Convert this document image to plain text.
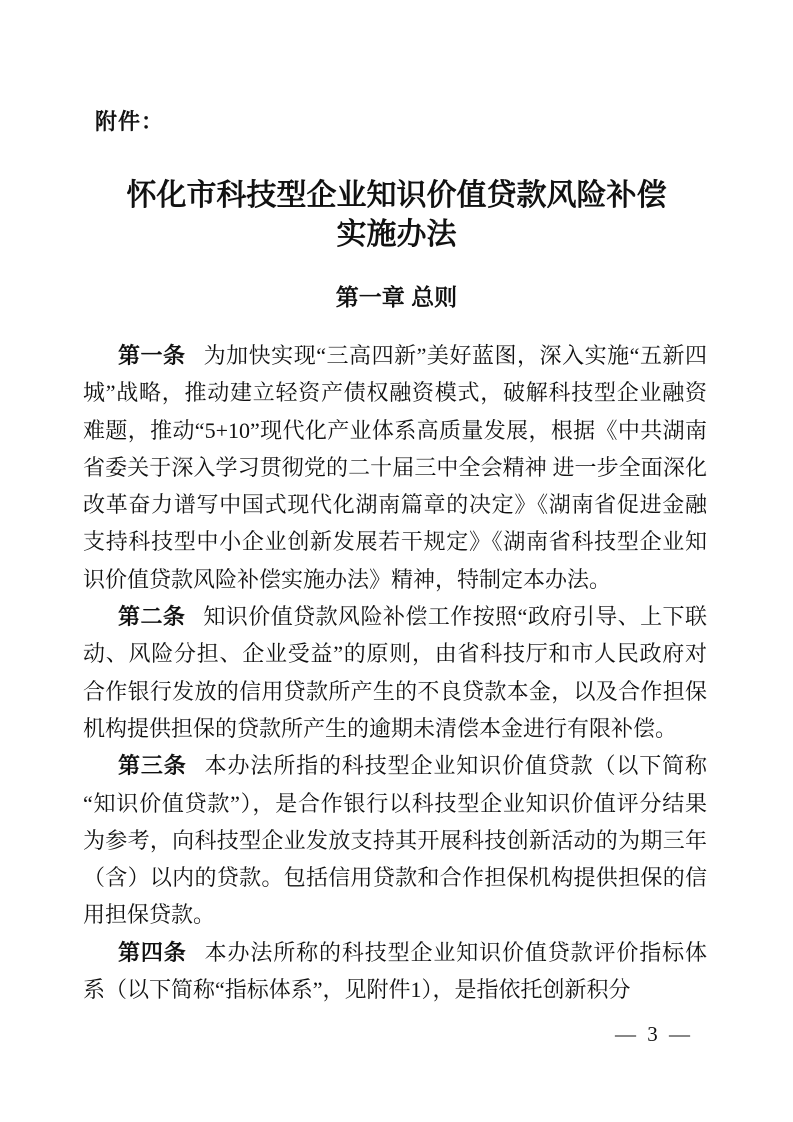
附件：
怀化市科技型企业知识价值贷款风险补偿
实施办法
第一章 总则

第一条 为加快实现“三高四新”美好蓝图，深入实施“五新四城”战略，推动建立轻资产债权融资模式，破解科技型企业融资难题，推动“5+10”现代化产业体系高质量发展，根据《中共湖南省委关于深入学习贯彻党的二十届三中全会精神 进一步全面深化改革奋力谱写中国式现代化湖南篇章的决定》《湖南省促进金融支持科技型中小企业创新发展若干规定》《湖南省科技型企业知识价值贷款风险补偿实施办法》精神，特制定本办法。

第二条 知识价值贷款风险补偿工作按照“政府引导、上下联动、风险分担、企业受益”的原则，由省科技厅和市人民政府对合作银行发放的信用贷款所产生的不良贷款本金，以及合作担保机构提供担保的贷款所产生的逾期未清偿本金进行有限补偿。

第三条 本办法所指的科技型企业知识价值贷款（以下简称“知识价值贷款”），是合作银行以科技型企业知识价值评分结果为参考，向科技型企业发放支持其开展科技创新活动的为期三年（含）以内的贷款。包括信用贷款和合作担保机构提供担保的信用担保贷款。

第四条 本办法所称的科技型企业知识价值贷款评价指标体系（以下简称“指标体系”，见附件1），是指依托创新积分

— 3 —
